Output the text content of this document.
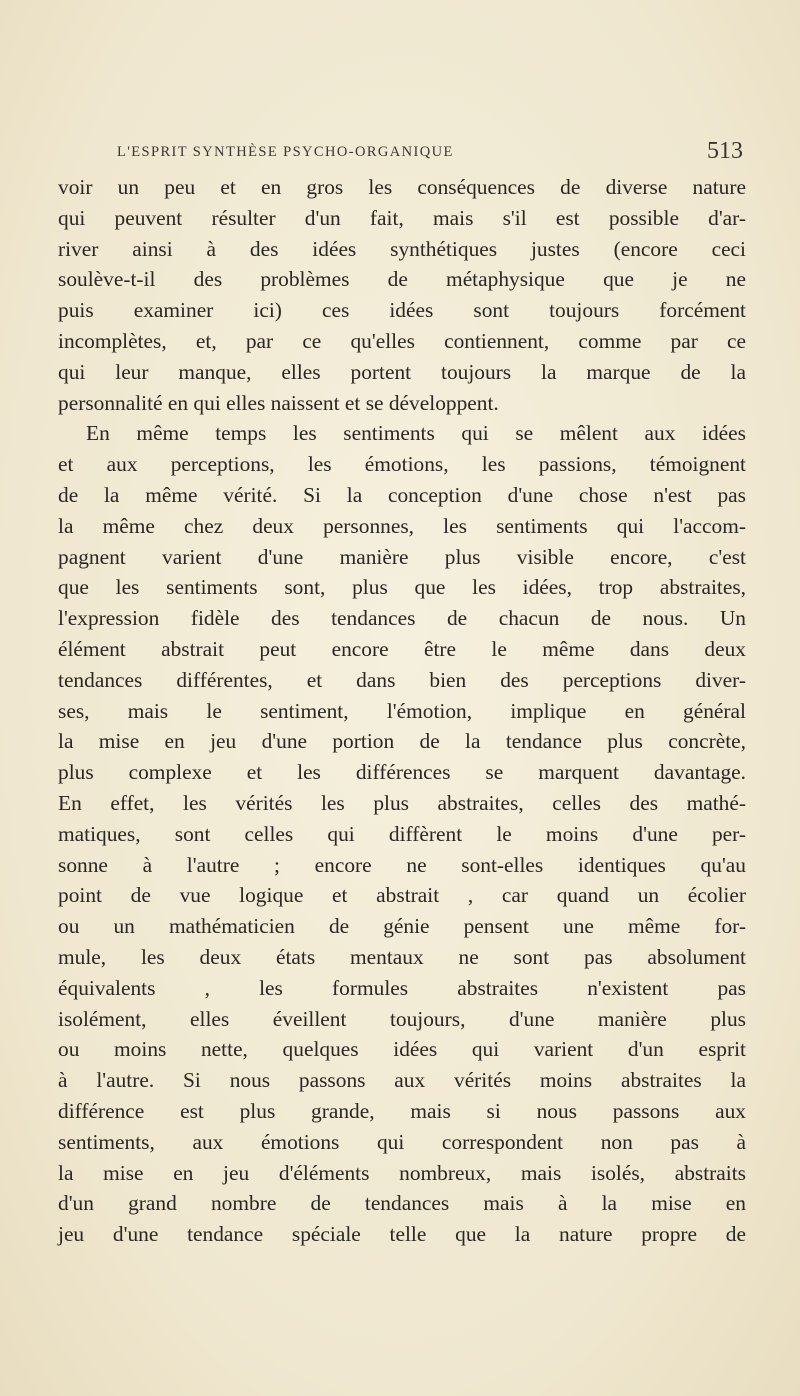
L'ESPRIT SYNTHÈSE PSYCHO-ORGANIQUE	513
voir un peu et en gros les conséquences de diverse nature
qui peuvent résulter d'un fait, mais s'il est possible d'ar-
river ainsi à des idées synthétiques justes (encore ceci
soulève-t-il des problèmes de métaphysique que je ne
puis examiner ici) ces idées sont toujours forcément
incomplètes, et, par ce qu'elles contiennent, comme par ce
qui leur manque, elles portent toujours la marque de la
personnalité en qui elles naissent et se développent.
En même temps les sentiments qui se mêlent aux idées
et aux perceptions, les émotions, les passions, témoignent
de la même vérité. Si la conception d'une chose n'est pas
la même chez deux personnes, les sentiments qui l'accom-
pagnent varient d'une manière plus visible encore, c'est
que les sentiments sont, plus que les idées, trop abstraites,
l'expression fidèle des tendances de chacun de nous. Un
élément abstrait peut encore être le même dans deux
tendances différentes, et dans bien des perceptions diver-
ses, mais le sentiment, l'émotion, implique en général
la mise en jeu d'une portion de la tendance plus concrète,
plus complexe et les différences se marquent davantage.
En effet, les vérités les plus abstraites, celles des mathé-
matiques, sont celles qui diffèrent le moins d'une per-
sonne à l'autre ; encore ne sont-elles identiques qu'au
point de vue logique et abstrait , car quand un écolier
ou un mathématicien de génie pensent une même for-
mule, les deux états mentaux ne sont pas absolument
équivalents , les formules abstraites n'existent pas
isolément, elles éveillent toujours, d'une manière plus
ou moins nette, quelques idées qui varient d'un esprit
à l'autre. Si nous passons aux vérités moins abstraites la
différence est plus grande, mais si nous passons aux
sentiments, aux émotions qui correspondent non pas à
la mise en jeu d'éléments nombreux, mais isolés, abstraits
d'un grand nombre de tendances mais à la mise en
jeu d'une tendance spéciale telle que la nature propre de
